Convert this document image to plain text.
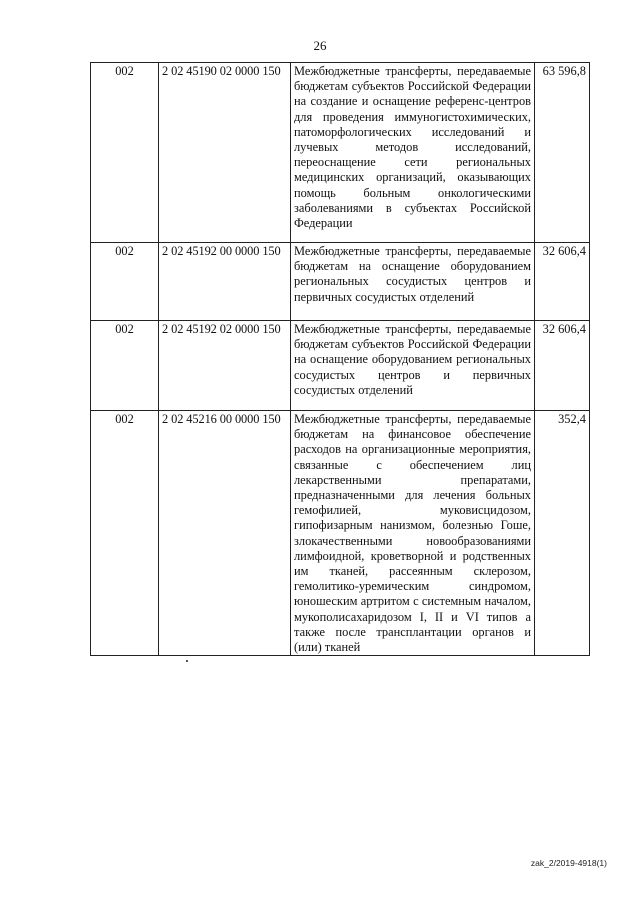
26
002	2 02 45190 02 0000 150	Межбюджетные трансферты, передаваемые бюджетам субъектов Российской Федерации на создание и оснащение референс-центров для проведения иммуногистохимических, патоморфологических исследований и лучевых методов исследований, переоснащение сети региональных медицинских организаций, оказывающих помощь больным онкологическими заболеваниями в субъектах Российской Федерации	63 596,8
002	2 02 45192 00 0000 150	Межбюджетные трансферты, передаваемые бюджетам на оснащение оборудованием региональных сосудистых центров и первичных сосудистых отделений	32 606,4
002	2 02 45192 02 0000 150	Межбюджетные трансферты, передаваемые бюджетам субъектов Российской Федерации на оснащение оборудованием региональных сосудистых центров и первичных сосудистых отделений	32 606,4
002	2 02 45216 00 0000 150	Межбюджетные трансферты, передаваемые бюджетам на финансовое обеспечение расходов на организационные мероприятия, связанные с обеспечением лиц лекарственными препаратами, предназначенными для лечения больных гемофилией, муковисцидозом, гипофизарным нанизмом, болезнью Гоше, злокачественными новообразованиями лимфоидной, кроветворной и родственных им тканей, рассеянным склерозом, гемолитико-уремическим синдромом, юношеским артритом с системным началом, мукополисахаридозом I, II и VI типов а также после трансплантации органов и (или) тканей	352,4
zak_2/2019-4918(1)
